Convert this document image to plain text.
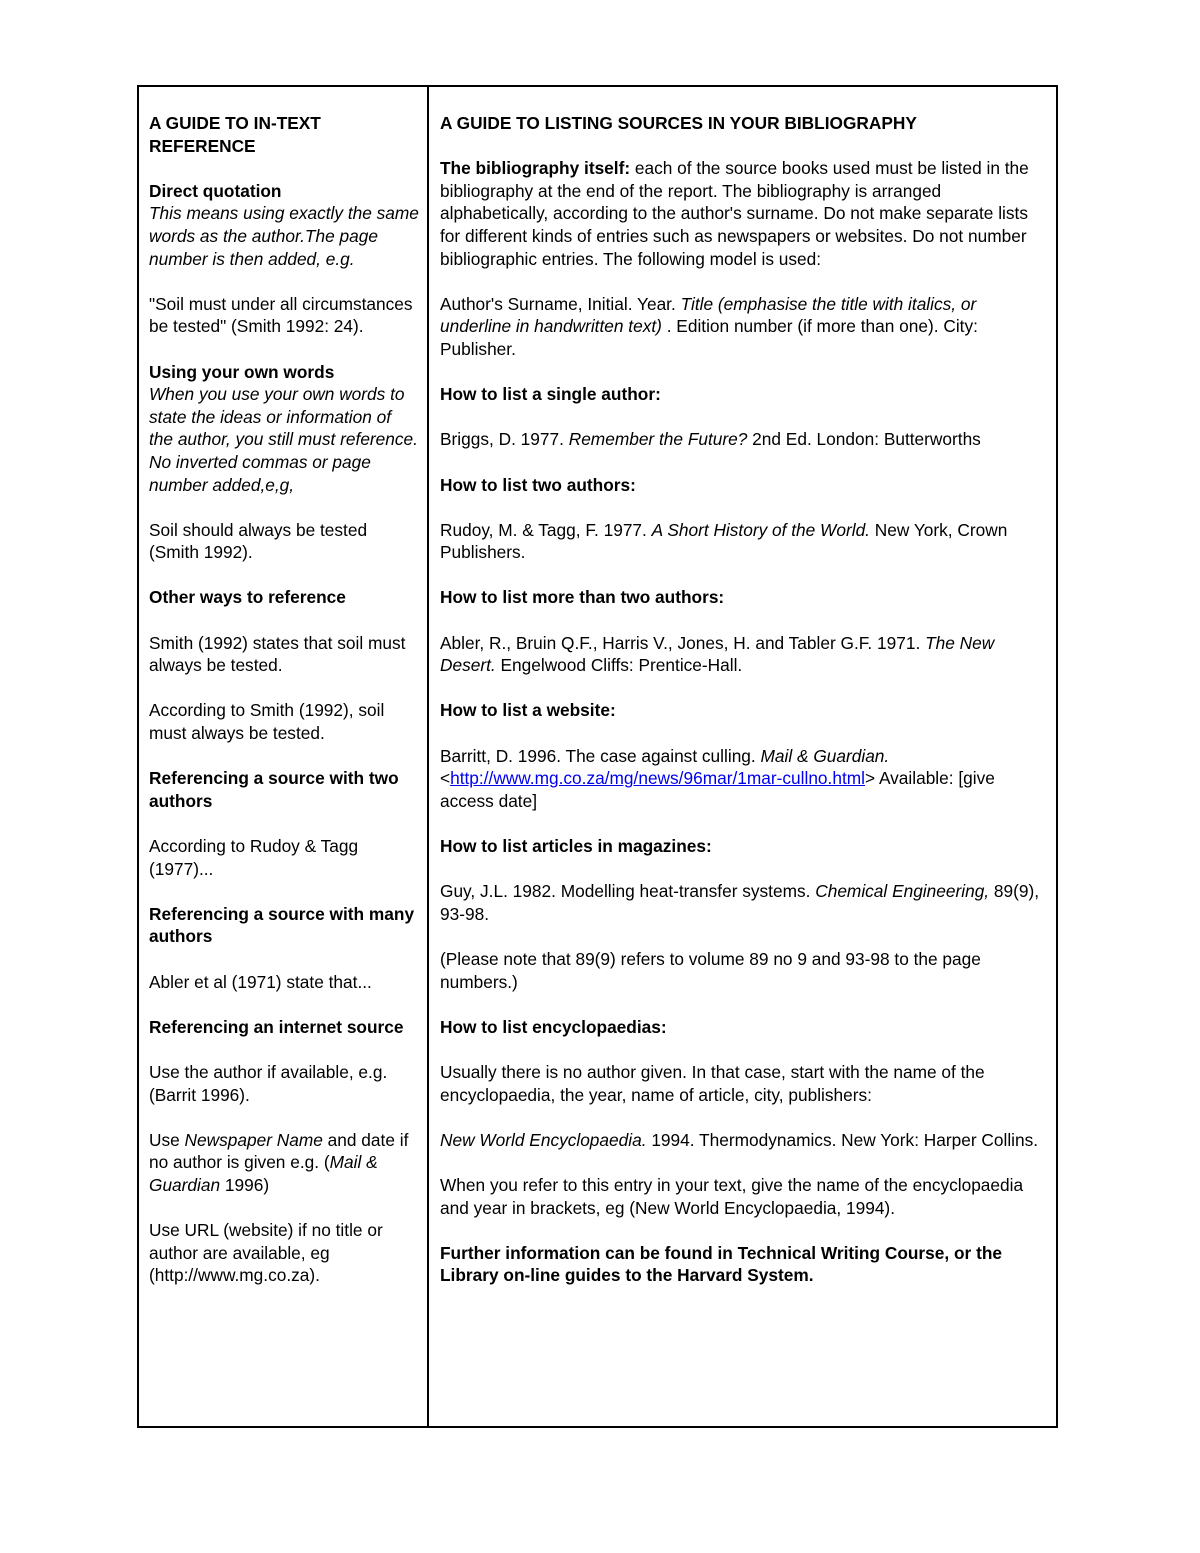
A GUIDE TO IN-TEXT REFERENCE

Direct quotation

This means using exactly the same words as the author.The page number is then added, e.g.

"Soil must under all circumstances be tested" (Smith 1992: 24).

Using your own words

When you use your own words to state the ideas or information of the author, you still must reference. No inverted commas or page number added,e,g,

Soil should always be tested (Smith 1992).

Other ways to reference

Smith (1992) states that soil must always be tested.

According to Smith (1992), soil must always be tested.

Referencing a source with two authors

According to Rudoy & Tagg (1977)...

Referencing a source with many authors

Abler et al (1971) state that...

Referencing an internet source

Use the author if available, e.g. (Barrit 1996).

Use Newspaper Name and date if no author is given e.g. (Mail & Guardian 1996)

Use URL (website) if no title or author are available, eg (http://www.mg.co.za).

A GUIDE TO LISTING SOURCES IN YOUR BIBLIOGRAPHY

The bibliography itself: each of the source books used must be listed in the bibliography at the end of the report. The bibliography is arranged alphabetically, according to the author's surname. Do not make separate lists for different kinds of entries such as newspapers or websites. Do not number bibliographic entries. The following model is used:

Author's Surname, Initial. Year. Title (emphasise the title with italics, or underline in handwritten text) . Edition number (if more than one). City: Publisher.

How to list a single author:

Briggs, D. 1977. Remember the Future? 2nd Ed. London: Butterworths

How to list two authors:

Rudoy, M. & Tagg, F. 1977. A Short History of the World. New York, Crown Publishers.

How to list more than two authors:

Abler, R., Bruin Q.F., Harris V., Jones, H. and Tabler G.F. 1971. The New Desert. Engelwood Cliffs: Prentice-Hall.

How to list a website:

Barritt, D. 1996. The case against culling. Mail & Guardian. <http://www.mg.co.za/mg/news/96mar/1mar-cullno.html> Available: [give access date]

How to list articles in magazines:

Guy, J.L. 1982. Modelling heat-transfer systems. Chemical Engineering, 89(9), 93-98.

(Please note that 89(9) refers to volume 89 no 9 and 93-98 to the page numbers.)

How to list encyclopaedias:

Usually there is no author given. In that case, start with the name of the encyclopaedia, the year, name of article, city, publishers:

New World Encyclopaedia. 1994. Thermodynamics. New York: Harper Collins.

When you refer to this entry in your text, give the name of the encyclopaedia and year in brackets, eg (New World Encyclopaedia, 1994).

Further information can be found in Technical Writing Course, or the Library on-line guides to the Harvard System.
